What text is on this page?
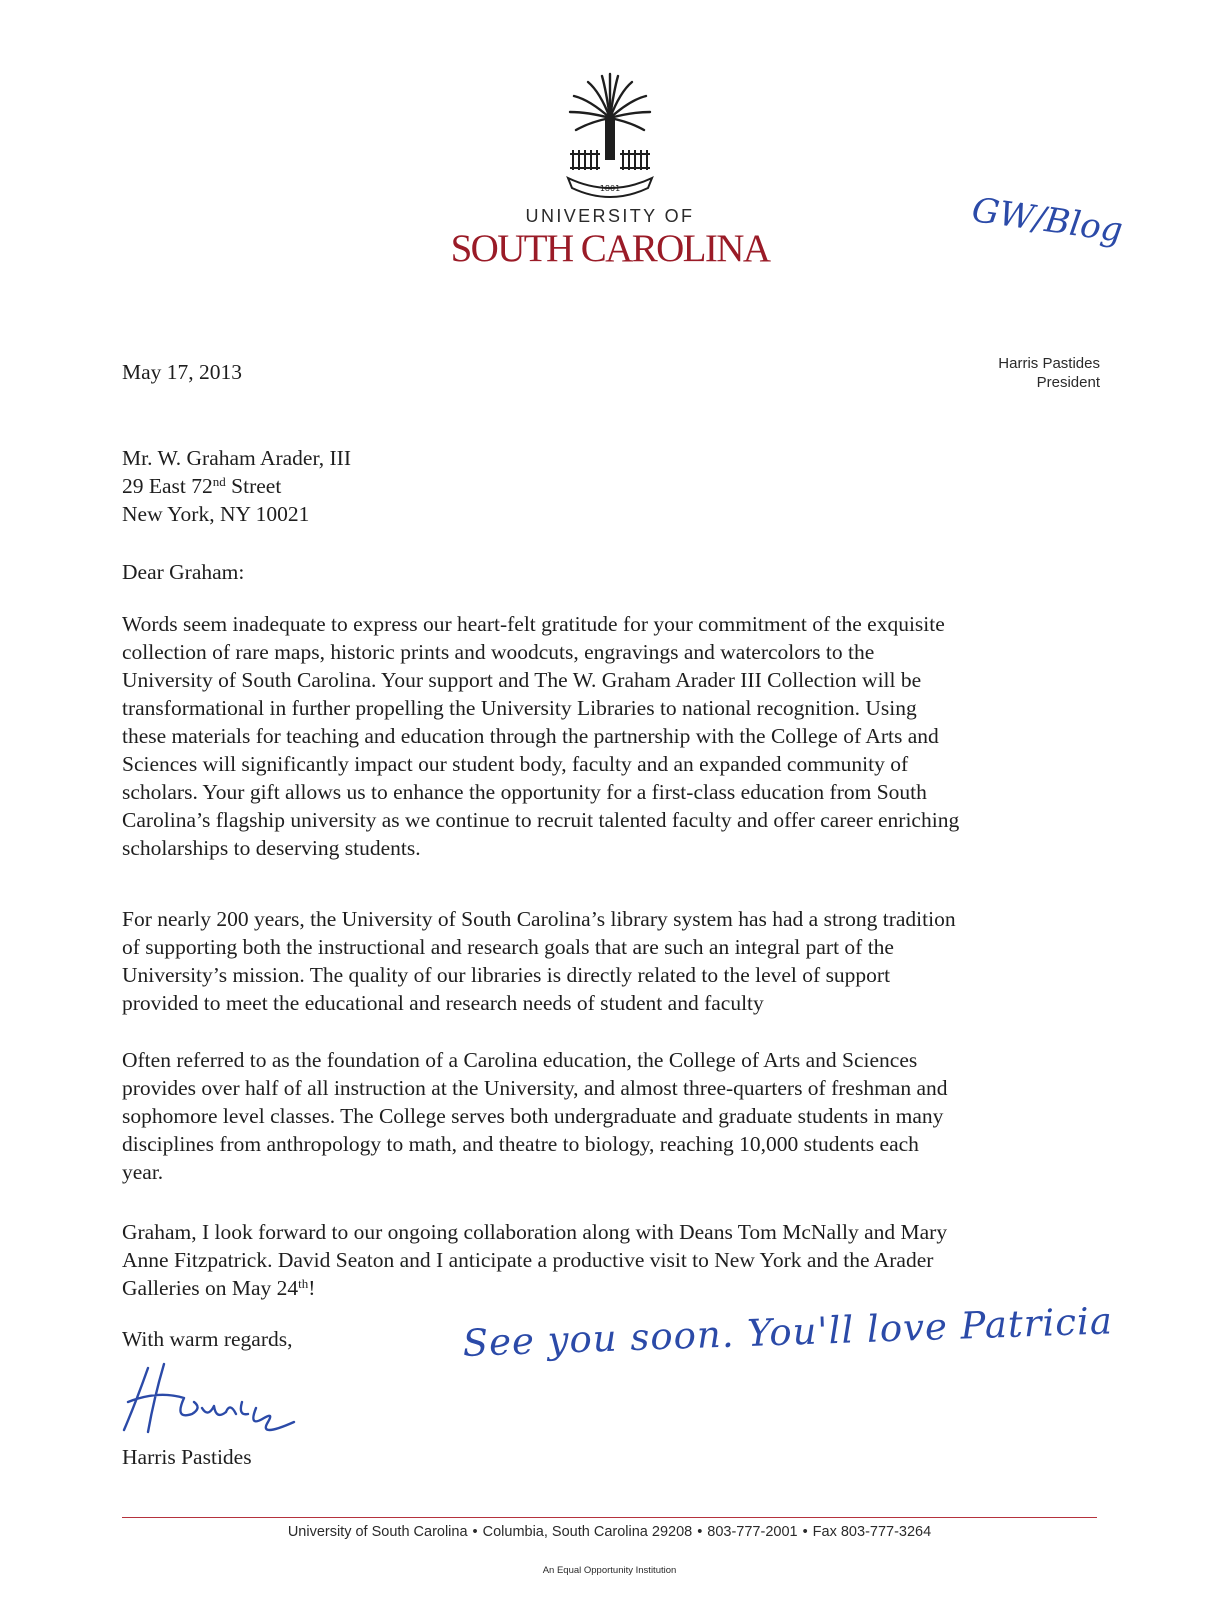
1801
UNIVERSITY OF
SOUTH CAROLINA	GW/Blog
Harris Pastides
President
May 17, 2013
Mr. W. Graham Arader, III
29 East 72nd Street
New York, NY 10021
Dear Graham:
Words seem inadequate to express our heart-felt gratitude for your commitment of the exquisite
collection of rare maps, historic prints and woodcuts, engravings and watercolors to the
University of South Carolina. Your support and The W. Graham Arader III Collection will be
transformational in further propelling the University Libraries to national recognition. Using
these materials for teaching and education through the partnership with the College of Arts and
Sciences will significantly impact our student body, faculty and an expanded community of
scholars. Your gift allows us to enhance the opportunity for a first-class education from South
Carolina’s flagship university as we continue to recruit talented faculty and offer career enriching
scholarships to deserving students.
For nearly 200 years, the University of South Carolina’s library system has had a strong tradition
of supporting both the instructional and research goals that are such an integral part of the
University’s mission. The quality of our libraries is directly related to the level of support
provided to meet the educational and research needs of student and faculty
Often referred to as the foundation of a Carolina education, the College of Arts and Sciences
provides over half of all instruction at the University, and almost three-quarters of freshman and
sophomore level classes. The College serves both undergraduate and graduate students in many
disciplines from anthropology to math, and theatre to biology, reaching 10,000 students each
year.
Graham, I look forward to our ongoing collaboration along with Deans Tom McNally and Mary
Anne Fitzpatrick. David Seaton and I anticipate a productive visit to New York and the Arader
Galleries on May 24th!
With warm regards,	See you soon. You'll love Patricia
Harris
Harris Pastides
University of South Carolina • Columbia, South Carolina 29208 • 803-777-2001 • Fax 803-777-3264
An Equal Opportunity Institution
